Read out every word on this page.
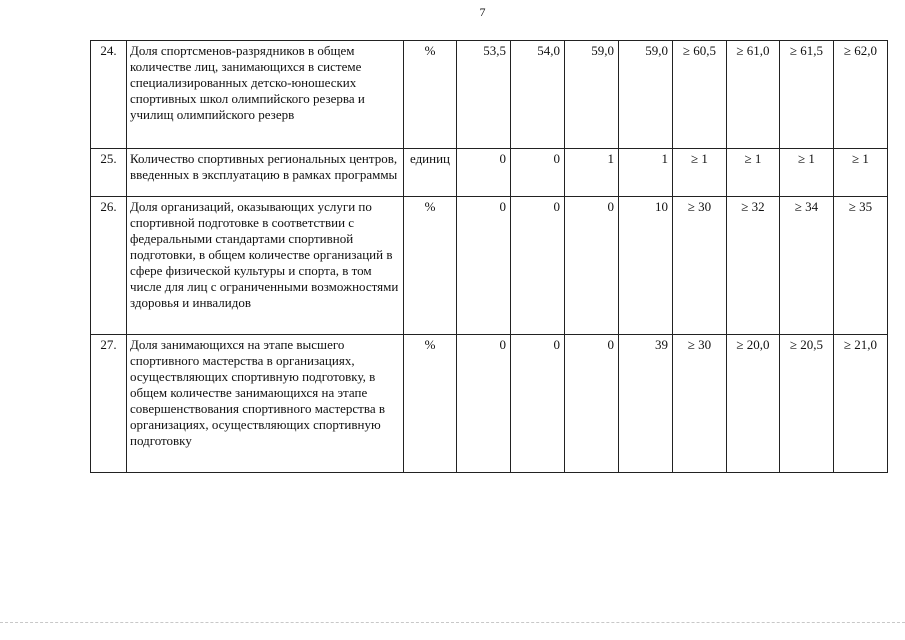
7
24.	Доля спортсменов-разрядников в общем количестве лиц, занимающихся в системе специализированных детско-юношеских спортивных школ олимпийского резерва и училищ олимпийского резерв	%	53,5	54,0	59,0	59,0	≥ 60,5	≥ 61,0	≥ 61,5	≥ 62,0
25.	Количество спортивных региональных центров, введенных в эксплуатацию в рамках программы	единиц	0	0	1	1	≥ 1	≥ 1	≥ 1	≥ 1
26.	Доля организаций, оказывающих услуги по спортивной подготовке в соответствии с федеральными стандартами спортивной подготовки, в общем количестве организаций в сфере физической культуры и спорта, в том числе для лиц с ограниченными возможностями здоровья и инвалидов	%	0	0	0	10	≥ 30	≥ 32	≥ 34	≥ 35
27.	Доля занимающихся на этапе высшего спортивного мастерства в организациях, осуществляющих спортивную подготовку, в общем количестве занимающихся на этапе совершенствования спортивного мастерства в организациях, осуществляющих спортивную подготовку	%	0	0	0	39	≥ 30	≥ 20,0	≥ 20,5	≥ 21,0
